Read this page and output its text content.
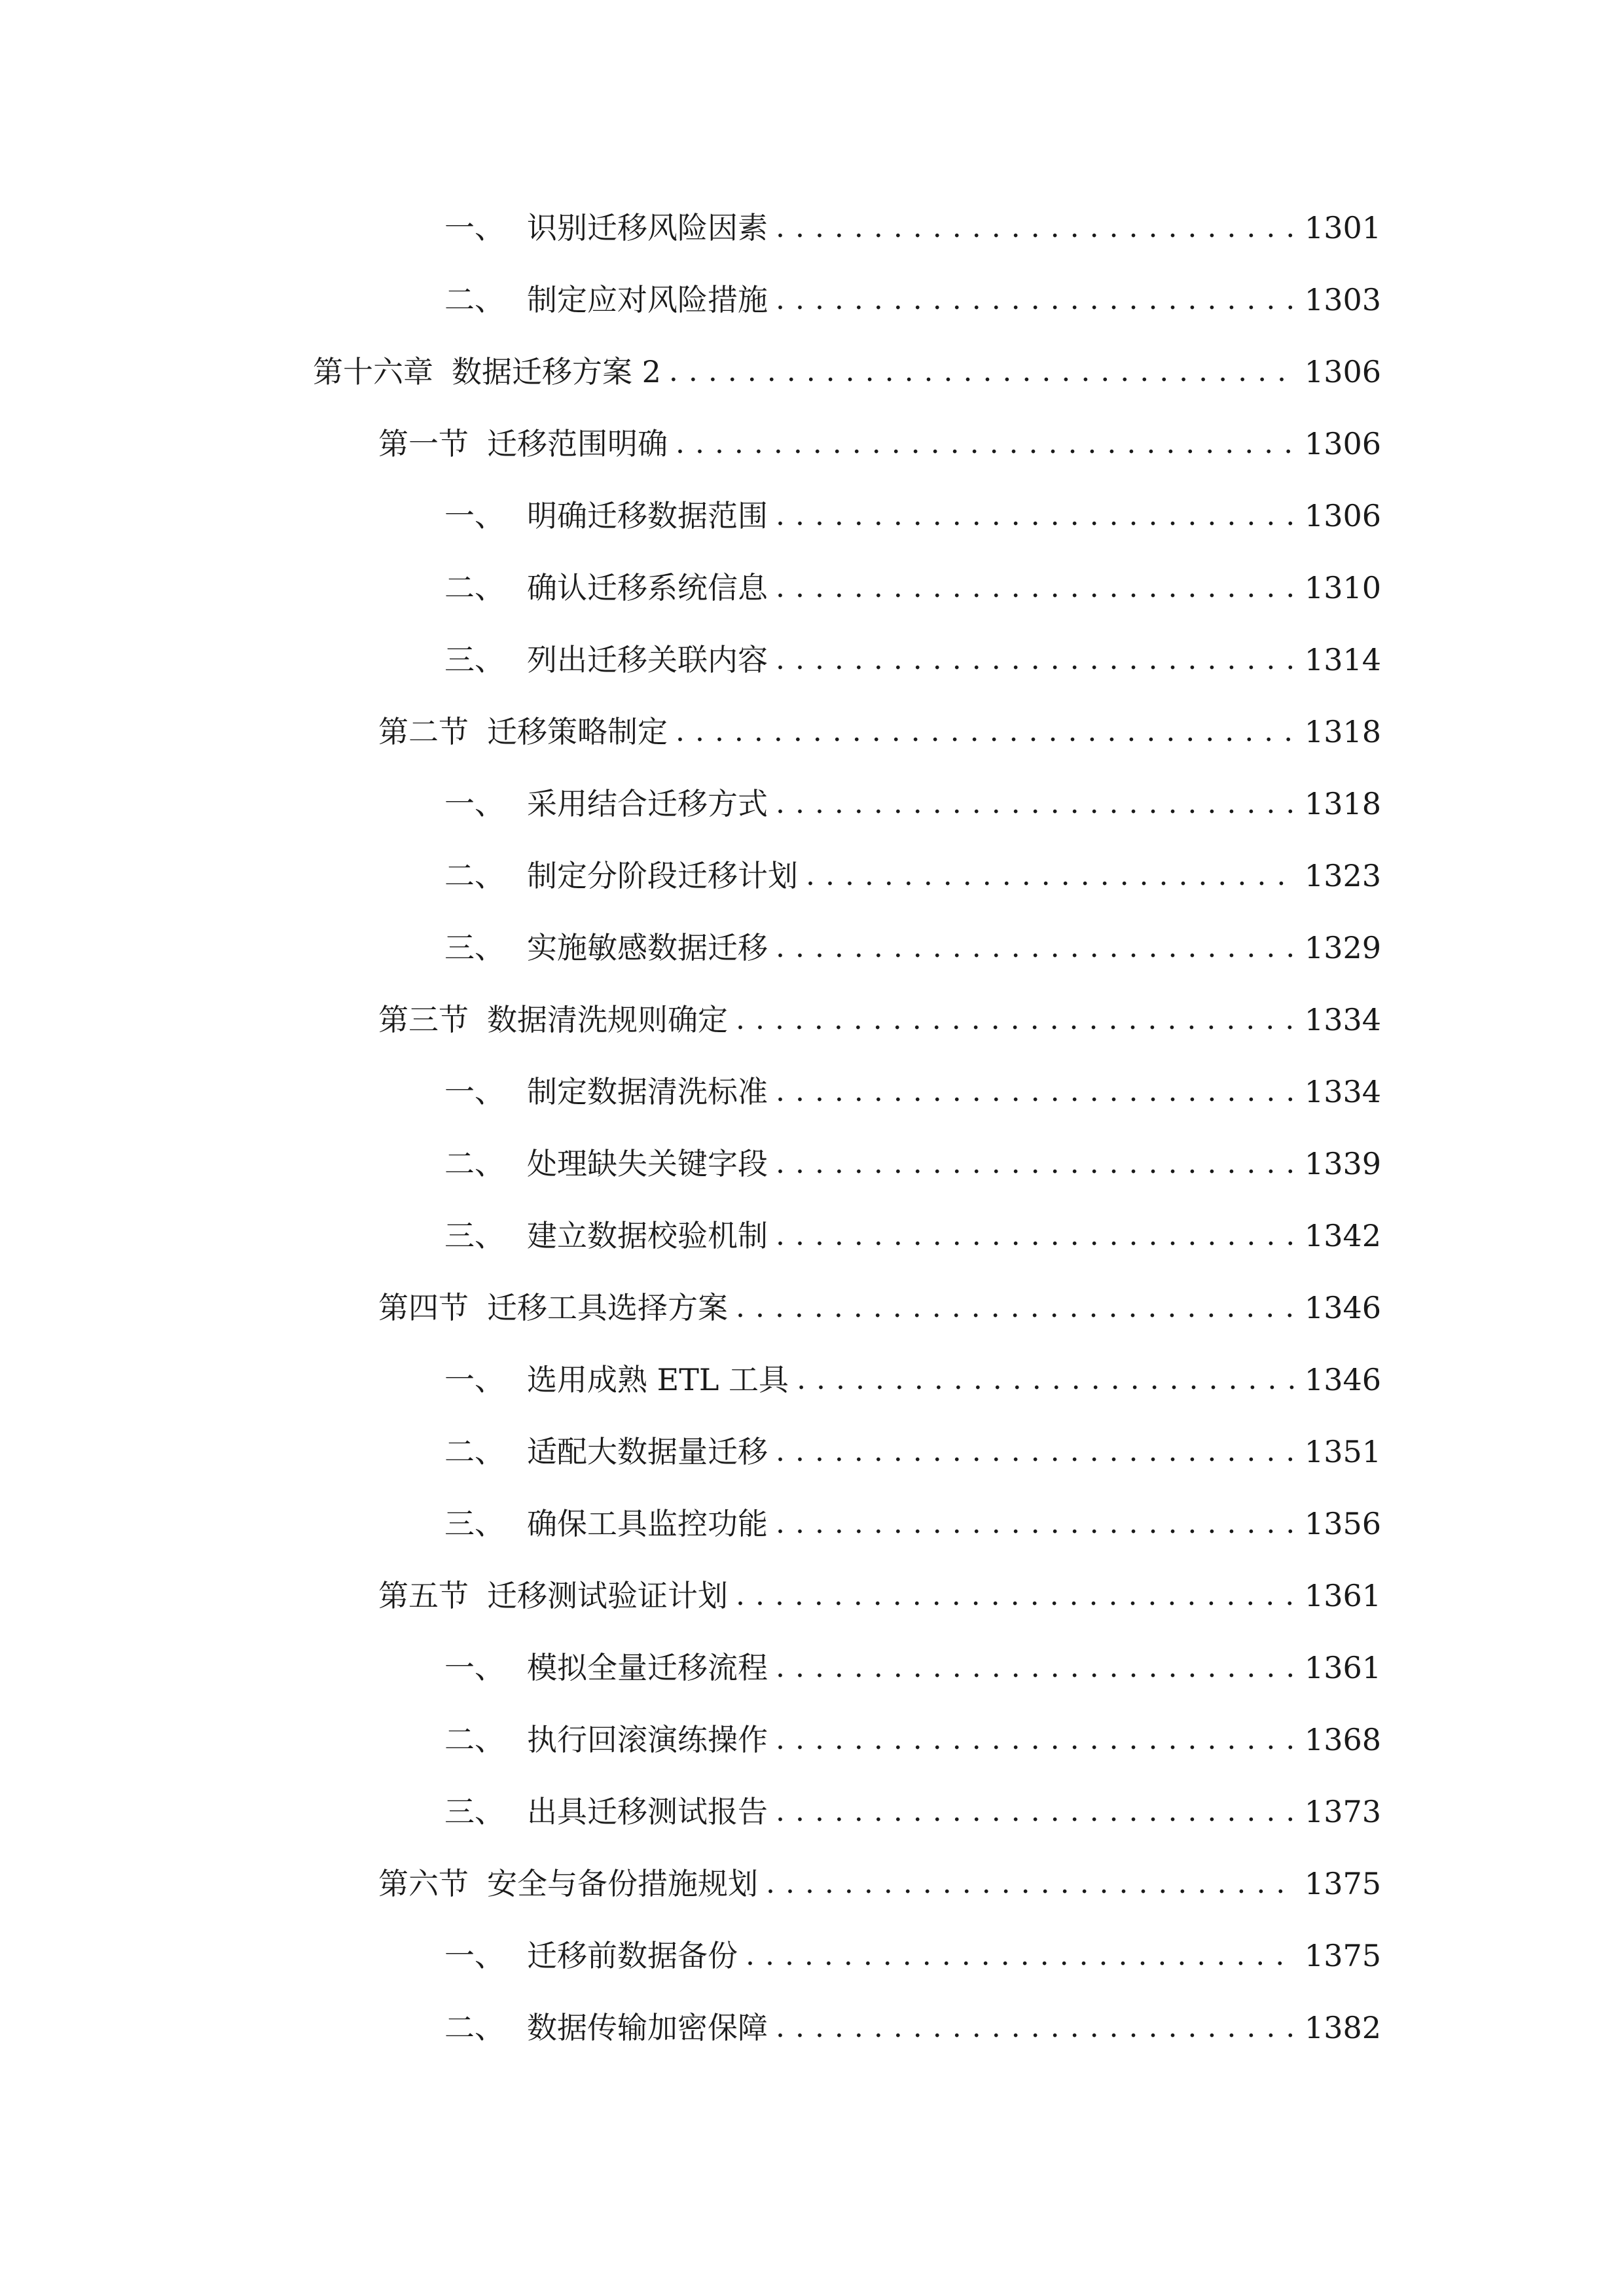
一、 识别迁移风险因素 . . .	1301
二、 制定应对风险措施 . . .	1303
第十六章 数据迁移方案 2 . . .	1306
第一节 迁移范围明确 . . .	1306
一、 明确迁移数据范围 . . .	1306
二、 确认迁移系统信息 . . .	1310
三、 列出迁移关联内容 . . .	1314
第二节 迁移策略制定 . . .	1318
一、 采用结合迁移方式 . . .	1318
二、 制定分阶段迁移计划 . . .	1323
三、 实施敏感数据迁移 . . .	1329
第三节 数据清洗规则确定 . . .	1334
一、 制定数据清洗标准 . . .	1334
二、 处理缺失关键字段 . . .	1339
三、 建立数据校验机制 . . .	1342
第四节 迁移工具选择方案 . . .	1346
一、 选用成熟 ETL 工具 . . .	1346
二、 适配大数据量迁移 . . .	1351
三、 确保工具监控功能 . . .	1356
第五节 迁移测试验证计划 . . .	1361
一、 模拟全量迁移流程 . . .	1361
二、 执行回滚演练操作 . . .	1368
三、 出具迁移测试报告 . . .	1373
第六节 安全与备份措施规划 . . .	1375
一、 迁移前数据备份 . . .	1375
二、 数据传输加密保障 . . .	1382
